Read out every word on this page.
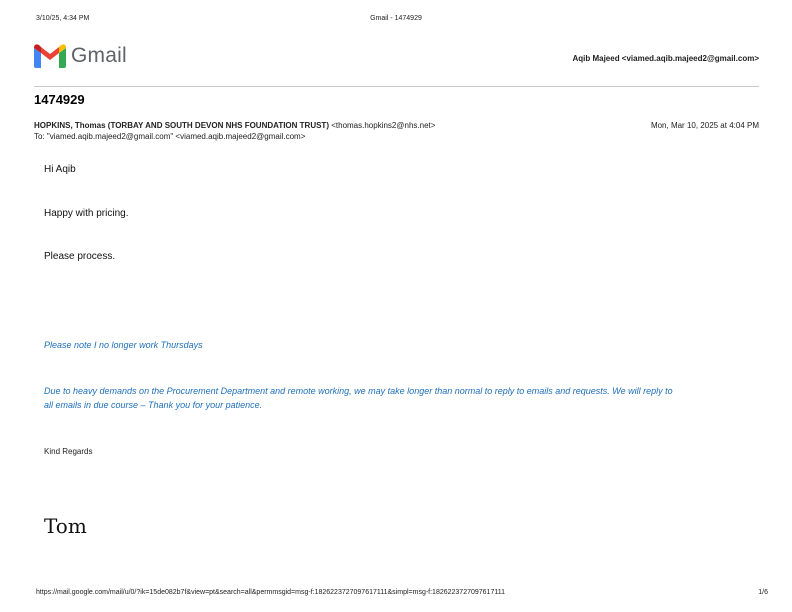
3/10/25, 4:34 PM	Gmail - 1474929
Gmail	Aqib Majeed <viamed.aqib.majeed2@gmail.com>
1474929
HOPKINS, Thomas (TORBAY AND SOUTH DEVON NHS FOUNDATION TRUST) <thomas.hopkins2@nhs.net>	Mon, Mar 10, 2025 at 4:04 PM
To: "viamed.aqib.majeed2@gmail.com" <viamed.aqib.majeed2@gmail.com>
Hi Aqib
Happy with pricing.
Please process.
Please note I no longer work Thursdays
Due to heavy demands on the Procurement Department and remote working, we may take longer than normal to reply to emails and requests. We will reply to
all emails in due course – Thank you for your patience.
Kind Regards
Tom
https://mail.google.com/mail/u/0/?ik=15de082b7f&view=pt&search=all&permmsgid=msg-f:1826223727097617111&simpl=msg-f:1826223727097617111	1/6
